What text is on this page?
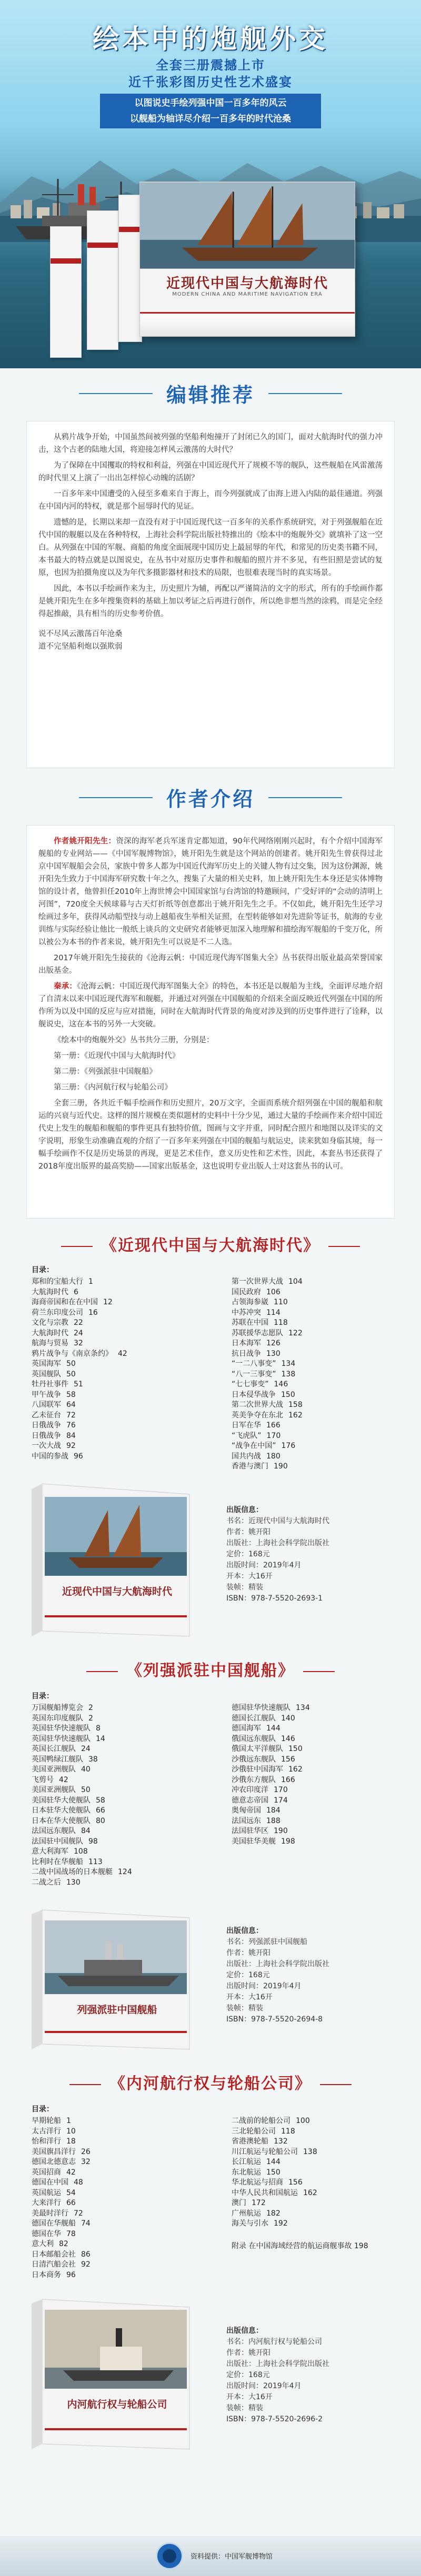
绘本中的炮舰外交
全套三册震撼上市
近千张彩图历史性艺术盛宴
以图说史手绘列强中国一百多年的风云
以舰船为轴详尽介绍一百多年的时代沧桑
近现代中国与大航海时代
MODERN CHINA AND MARITIME NAVIGATION ERA
编辑推荐

从鸦片战争开始，中国虽然间被列强的坚船利炮撞开了封闭已久的国门，面对大航海时代的强力冲击，这个古老的陆地大国，将迎接怎样风云激荡的大时代？

为了保障在中国攫取的特权和利益，列强在中国近现代开了规模不等的舰队，这些舰船在风雷激荡的时代里又上演了一出出怎样惊心动魄的活剧？

一百多年来中国遭受的入侵至多难来自于海上，而今列强就成了由海上进入内陆的最佳通道。列强在中国内河的特权，就是那个屈辱时代的见证。

遗憾的是，长期以来却一直没有对于中国近现代这一百多年的关系作系统研究，对于列强舰船在近代中国的舰艇以及在各种特权，上海社会科学院出版社特推出的《绘本中的炮舰外交》就填补了这一空白。从列强在中国的军舰、商船的角度全面展现中国历史上最屈辱的年代，和常见的历史类书籍不同，本书最大的特点就是以图说史，在丛书中对原历史事件和舰船的照片并不多见，有些旧照是尝试的复原，也因为拍摄角度以及为年代多摄影器材和技术的局限，也很难表现当时的真实场景。

因此，本书以手绘画作来为主，历史照片为辅，再配以严谨简洁的文字的形式，所有的手绘画作都是姚开阳先生在多年搜集资料的基础上加以考证之后再进行创作，所以绝非想当然的涂鸦，而是完全经得起推敲，具有相当的历史参考价值。

说不尽风云激荡百年沧桑

道不完坚船利炮以强欺弱

作者介绍

作者姚开阳先生：资深的海军老兵军迷肯定都知道，90年代网络刚刚兴起时，有个介绍中国海军舰船的专业网站——《中国军舰博物馆》，姚开阳先生就是这个网站的创建者。姚开阳先生曾获得过北京中国军舰船会会员，家族中曾多人都为中国近代海军历史上的关键人物有过交集，因为这份渊源，姚开阳先生致力于中国海军研究数十年之久，搜集了大量的相关史料，加上姚开阳先生本身还是实体博物馆的设计者，他曾担任2010年上海世博会中国国家馆与台湾馆的特邀顾问，广受好评的“会动的清明上河图”，720度全天候球幕与古天灯折纸等创意都出于姚开阳先生之手。不仅如此，姚开阳先生还学习绘画过多年，获得风动船型技与动上越船夜生举相关证照，在型转能够如对先进阶等证书，航海的专业训练与实际经验让他比一般纸上谈兵的文史研究者能够更加深入地理解和描绘海军舰船的千变万化，所以被公为本书的作者来说，姚开阳先生可以说是不二人选。

2017年姚开阳先生接获的《沧海云帆：中国近现代海军图集大全》丛书获得出版业最高荣誉国家出版基金。

秦承：《沧海云帆：中国近现代海军图集大全》的特色，本书还是以舰船为主线，全面评尽地介绍了自清末以来中国近现代海军和舰艇，并通过对列强在中国舰船的介绍来全面反映近代列强在中国的所作所为以及中国的反应与应对措施，同时在大航海时代背景的角度对涉及到的历史事件进行了诠释，以舰说史，这在本书的另外一大突破。

《绘本中的炮舰外交》丛书共分三册，分别是：

第一册：《近现代中国与大航海时代》

第二册：《列强派驻中国舰船》

第三册：《内河航行权与轮船公司》

全套三册，各共近千幅手绘画作和历史照片，20万文字，全面而系统介绍列强在中国的舰船和航运的兴衰与近代史。这样的图片规模在类似题材的史料中十分少见，通过大量的手绘画作来介绍中国近代史上发生的舰船和舰船的事件更具有独特价值，图画与文字并重，同时配合照片和地图以及详实的文字说明，形象生动准确直观的介绍了一百多年来列强在中国的舰船与航运史，读来犹如身临其境，每一幅手绘画作不仅是历史场景的再现，更是艺术佳作，意义历史性和艺术性，因此，本套丛书还获得了2018年度出版界的最高奖励——国家出版基金，这也说明专业出版人士对这套丛书的认可。

《近现代中国与大航海时代》
目录：
郑和的宝船大行 1
大航海时代 6
海商帝国和在在中国 12
荷兰东印度公司 16
文化与宗教 22
大航海时代 24
航海与贸易 32
鸦片战争与《南京条约》 42
英国海军 50
英国舰队 50
牡丹社事件 51
甲午战争 58
八国联军 64
乙未征台 72
日俄战争 76
日俄战争 84
一次大战 92
中国的参战 96
第一次世界大战 104
国民政府 106
占领海参崴 110
中苏冲突 114
苏联在中国 118
苏联援华志愿队 122
日本海军 126
抗日战争 130
“一二八事变” 134
“八一三事变” 138
“七七事变” 146
日本侵华战争 150
第二次世界大战 158
英美争夺在东北 162
日军在华 166
“飞虎队” 170
“战争在中国” 176
国共内战 180
香港与澳门 190
近现代中国与大航海时代
出版信息：
书名：近现代中国与大航海时代
作者：姚开阳
出版社：上海社会科学院出版社
定价：168元
出版时间：2019年4月
开本：大16开
装帧：精装
ISBN：978-7-5520-2693-1
《列强派驻中国舰船》
目录：
万国舰船博览会 2
英国东印度舰队 2
英国驻华快速舰队 8
英国驻华快速舰队 14
英国长江舰队 24
英国鸭绿江舰队 38
美国亚洲舰队 40
飞剪号 42
美国亚洲舰队 50
美国驻华大使舰队 58
日本驻华大使舰队 66
日本在华大使舰队 80
法国远东舰队 84
法国驻中国舰队 98
意大利海军 108
比利时在华舰船 113
二战中国战场的日本舰艇 124
二战之后 130
德国驻华快速舰队 134
德国长江舰队 140
德国海军 144
俄国远东舰队 146
俄国太平洋舰队 150
沙俄远东舰队 156
沙俄驻中国海军 162
沙俄东方舰队 166
冲农印度洋 170
德意志帝国 174
奥匈帝国 184
法国远东 188
法国驻华区 190
美国驻华美舰 198
列强派驻中国舰船
出版信息：
书名：列强派驻中国舰船
作者：姚开阳
出版社：上海社会科学院出版社
定价：168元
出版时间：2019年4月
开本：大16开
装帧：精装
ISBN：978-7-5520-2694-8
《内河航行权与轮船公司》
目录：
早期轮船 1
太古洋行 10
怡和洋行 18
美国旗昌洋行 26
德国北德意志 32
英国招商 42
德国在中国 48
英国航运 54
大来洋行 66
美最时洋行 72
德国在华舰船 74
德国在华 78
意大利 82
日本邮船会社 86
日清汽船会社 92
日本商务 96
二战前的轮船公司 100
三北轮船公司 118
省港澳轮船 132
川江航运与轮船公司 138
长江航运 144
东北航运 150
华北航运与招商 156
中华人民共和国航运 162
澳门 172
广州航运 182
海关与引水 192
附录 在中国海域经营的航运商舰事故 198
内河航行权与轮船公司
出版信息：
书名：内河航行权与轮船公司
作者：姚开阳
出版社：上海社会科学院出版社
定价：168元
出版时间：2019年4月
开本：大16开
装帧：精装
ISBN：978-7-5520-2696-2
资料提供：中国军舰博物馆
